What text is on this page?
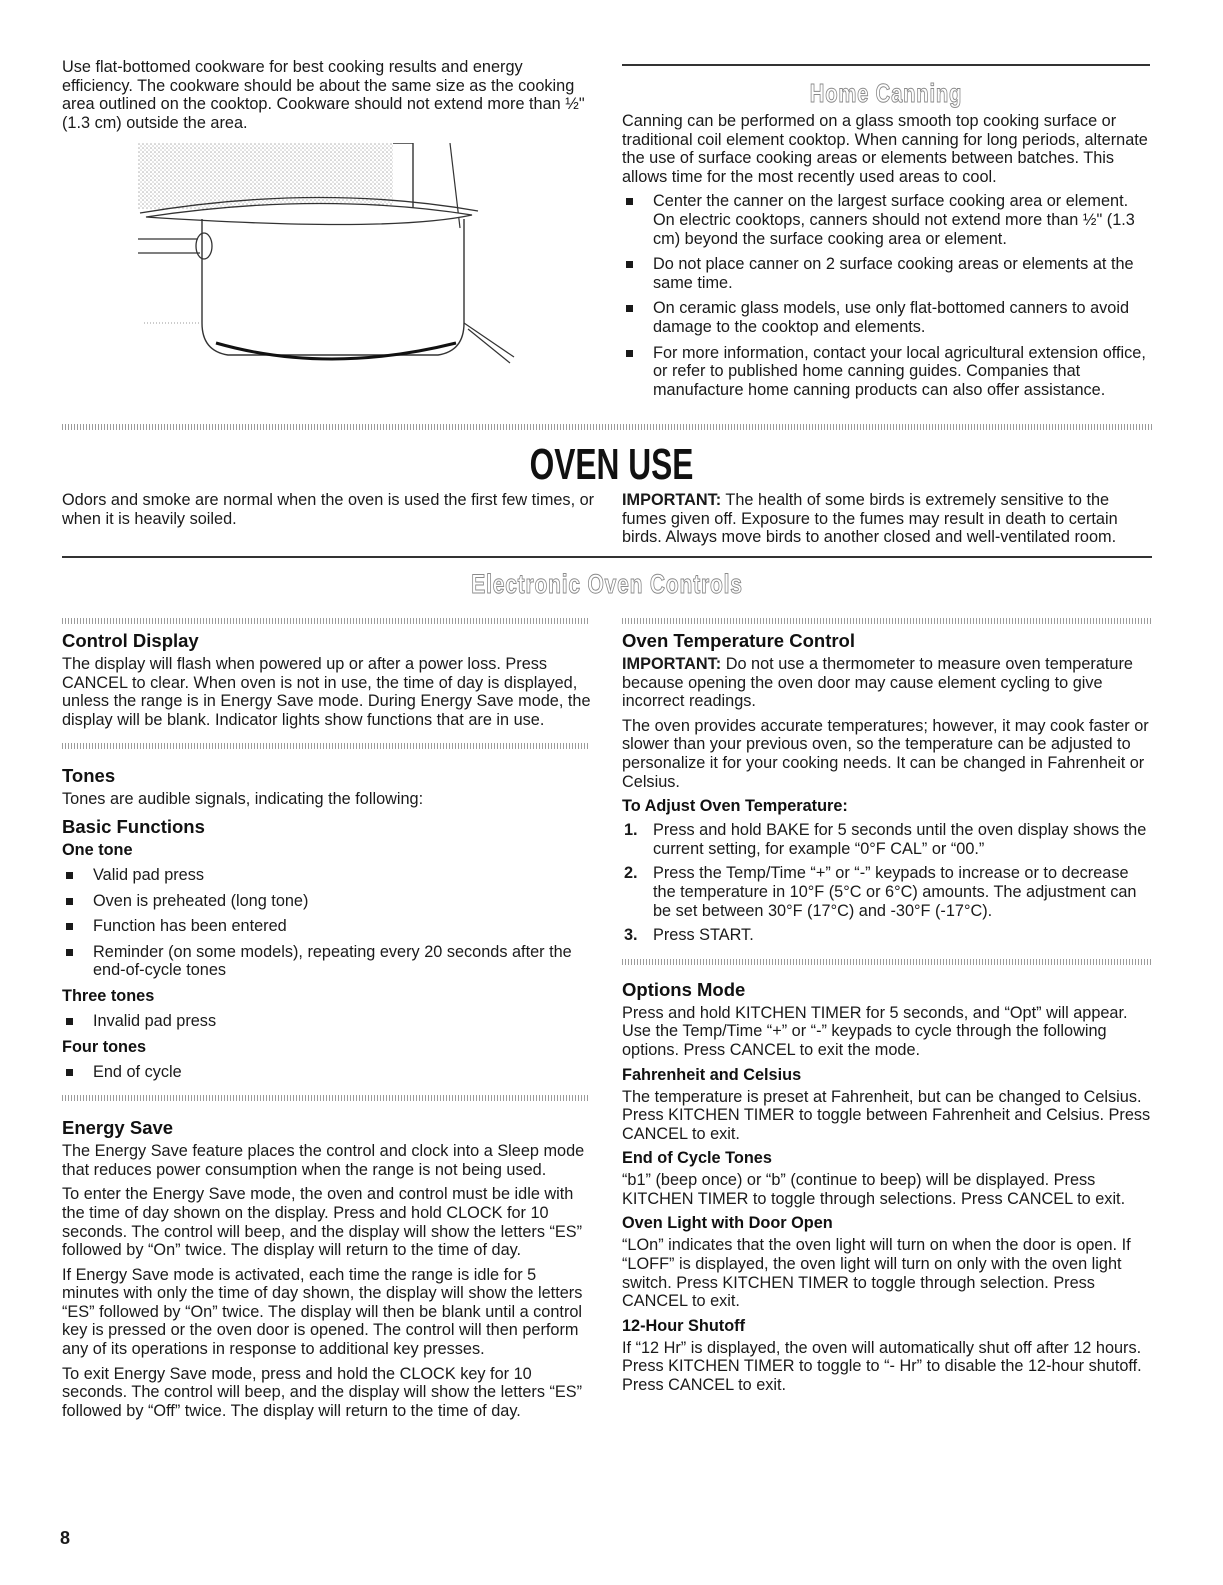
Use flat-bottomed cookware for best cooking results and energy efficiency. The cookware should be about the same size as the cooking area outlined on the cooktop. Cookware should not extend more than ½" (1.3 cm) outside the area.

Home Canning

Canning can be performed on a glass smooth top cooking surface or traditional coil element cooktop. When canning for long periods, alternate the use of surface cooking areas or elements between batches. This allows time for the most recently used areas to cool.

Center the canner on the largest surface cooking area or element. On electric cooktops, canners should not extend more than ½" (1.3 cm) beyond the surface cooking area or element.
Do not place canner on 2 surface cooking areas or elements at the same time.
On ceramic glass models, use only flat-bottomed canners to avoid damage to the cooktop and elements.
For more information, contact your local agricultural extension office, or refer to published home canning guides. Companies that manufacture home canning products can also offer assistance.
OVEN USE

Odors and smoke are normal when the oven is used the first few times, or when it is heavily soiled.

IMPORTANT: The health of some birds is extremely sensitive to the fumes given off. Exposure to the fumes may result in death to certain birds. Always move birds to another closed and well-ventilated room.

Electronic Oven Controls
Control Display

The display will flash when powered up or after a power loss. Press CANCEL to clear. When oven is not in use, the time of day is displayed, unless the range is in Energy Save mode. During Energy Save mode, the display will be blank. Indicator lights show functions that are in use.

Tones

Tones are audible signals, indicating the following:

Basic Functions
One tone
Valid pad press
Oven is preheated (long tone)
Function has been entered
Reminder (on some models), repeating every 20 seconds after the end-of-cycle tones
Three tones
Invalid pad press
Four tones
End of cycle
Energy Save

The Energy Save feature places the control and clock into a Sleep mode that reduces power consumption when the range is not being used.

To enter the Energy Save mode, the oven and control must be idle with the time of day shown on the display. Press and hold CLOCK for 10 seconds. The control will beep, and the display will show the letters “ES” followed by “On” twice. The display will return to the time of day.

If Energy Save mode is activated, each time the range is idle for 5 minutes with only the time of day shown, the display will show the letters “ES” followed by “On” twice. The display will then be blank until a control key is pressed or the oven door is opened. The control will then perform any of its operations in response to additional key presses.

To exit Energy Save mode, press and hold the CLOCK key for 10 seconds. The control will beep, and the display will show the letters “ES” followed by “Off” twice. The display will return to the time of day.

Oven Temperature Control

IMPORTANT: Do not use a thermometer to measure oven temperature because opening the oven door may cause element cycling to give incorrect readings.

The oven provides accurate temperatures; however, it may cook faster or slower than your previous oven, so the temperature can be adjusted to personalize it for your cooking needs. It can be changed in Fahrenheit or Celsius.

To Adjust Oven Temperature:
1. Press and hold BAKE for 5 seconds until the oven display shows the current setting, for example “0°F CAL” or “00.”
2. Press the Temp/Time “+” or “-” keypads to increase or to decrease the temperature in 10°F (5°C or 6°C) amounts. The adjustment can be set between 30°F (17°C) and -30°F (-17°C).
3. Press START.
Options Mode

Press and hold KITCHEN TIMER for 5 seconds, and “Opt” will appear. Use the Temp/Time “+” or “-” keypads to cycle through the following options. Press CANCEL to exit the mode.

Fahrenheit and Celsius

The temperature is preset at Fahrenheit, but can be changed to Celsius. Press KITCHEN TIMER to toggle between Fahrenheit and Celsius. Press CANCEL to exit.

End of Cycle Tones

“b1” (beep once) or “b” (continue to beep) will be displayed. Press KITCHEN TIMER to toggle through selections. Press CANCEL to exit.

Oven Light with Door Open

“LOn” indicates that the oven light will turn on when the door is open. If “LOFF” is displayed, the oven light will turn on only with the oven light switch. Press KITCHEN TIMER to toggle through selection. Press CANCEL to exit.

12-Hour Shutoff

If “12 Hr” is displayed, the oven will automatically shut off after 12 hours. Press KITCHEN TIMER to toggle to “- Hr” to disable the 12-hour shutoff. Press CANCEL to exit.

8
